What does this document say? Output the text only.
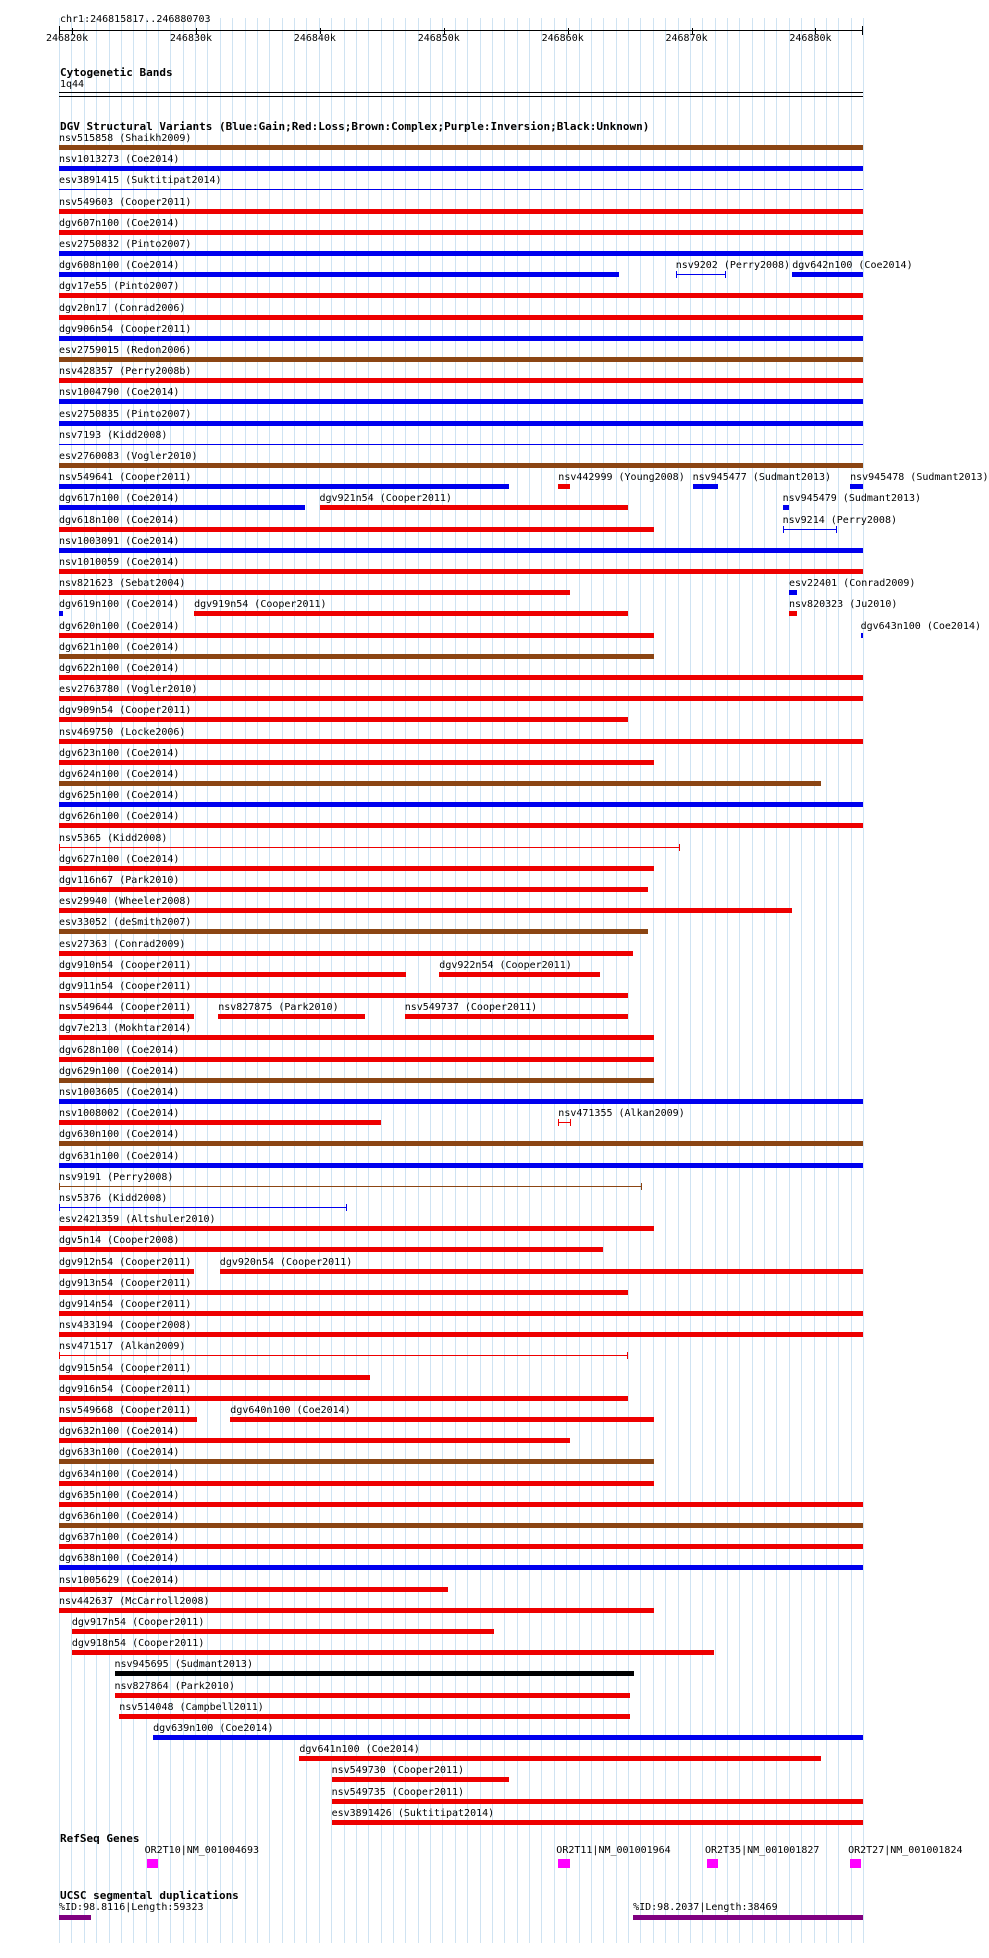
chr1:246815817..246880703
246820k	246830k	246840k	246850k	246860k	246870k	246880k
Cytogenetic Bands
1q44
DGV Structural Variants (Blue:Gain;Red:Loss;Brown:Complex;Purple:Inversion;Black:Unknown)
nsv515858 (Shaikh2009)
nsv1013273 (Coe2014)
esv3891415 (Suktitipat2014)
nsv549603 (Cooper2011)
dgv607n100 (Coe2014)
esv2750832 (Pinto2007)
dgv608n100 (Coe2014)	nsv9202 (Perry2008) dgv642n100 (Coe2014)
dgv17e55 (Pinto2007)
dgv20n17 (Conrad2006)
dgv906n54 (Cooper2011)
esv2759015 (Redon2006)
nsv428357 (Perry2008b)
nsv1004790 (Coe2014)
esv2750835 (Pinto2007)
nsv7193 (Kidd2008)
esv2760083 (Vogler2010)
nsv549641 (Cooper2011)	nsv442999 (Young2008) nsv945477 (Sudmant2013) nsv945478 (Sudmant2013)
dgv617n100 (Coe2014)	dgv921n54 (Cooper2011)	nsv945479 (Sudmant2013)
dgv618n100 (Coe2014)	nsv9214 (Perry2008)
nsv1003091 (Coe2014)
nsv1010059 (Coe2014)
nsv821623 (Sebat2004)	esv22401 (Conrad2009)
dgv619n100 (Coe2014) dgv919n54 (Cooper2011)	nsv820323 (Ju2010)
dgv620n100 (Coe2014)	dgv643n100 (Coe2014)
dgv621n100 (Coe2014)
dgv622n100 (Coe2014)
esv2763780 (Vogler2010)
dgv909n54 (Cooper2011)
nsv469750 (Locke2006)
dgv623n100 (Coe2014)
dgv624n100 (Coe2014)
dgv625n100 (Coe2014)
dgv626n100 (Coe2014)
nsv5365 (Kidd2008)
dgv627n100 (Coe2014)
dgv116n67 (Park2010)
esv29940 (Wheeler2008)
esv33052 (deSmith2007)
esv27363 (Conrad2009)
dgv910n54 (Cooper2011)	dgv922n54 (Cooper2011)
dgv911n54 (Cooper2011)
nsv549644 (Cooper2011)	nsv827875 (Park2010)	nsv549737 (Cooper2011)
dgv7e213 (Mokhtar2014)
dgv628n100 (Coe2014)
dgv629n100 (Coe2014)
nsv1003605 (Coe2014)
nsv1008002 (Coe2014)	nsv471355 (Alkan2009)
dgv630n100 (Coe2014)
dgv631n100 (Coe2014)
nsv9191 (Perry2008)
nsv5376 (Kidd2008)
esv2421359 (Altshuler2010)
dgv5n14 (Cooper2008)
dgv912n54 (Cooper2011)	dgv920n54 (Cooper2011)
dgv913n54 (Cooper2011)
dgv914n54 (Cooper2011)
nsv433194 (Cooper2008)
nsv471517 (Alkan2009)
dgv915n54 (Cooper2011)
dgv916n54 (Cooper2011)
nsv549668 (Cooper2011)	dgv640n100 (Coe2014)
dgv632n100 (Coe2014)
dgv633n100 (Coe2014)
dgv634n100 (Coe2014)
dgv635n100 (Coe2014)
dgv636n100 (Coe2014)
dgv637n100 (Coe2014)
dgv638n100 (Coe2014)
nsv1005629 (Coe2014)
nsv442637 (McCarroll2008)
dgv917n54 (Cooper2011)
dgv918n54 (Cooper2011)
nsv945695 (Sudmant2013)
nsv827864 (Park2010)
nsv514048 (Campbell2011)
dgv639n100 (Coe2014)
dgv641n100 (Coe2014)
nsv549730 (Cooper2011)
nsv549735 (Cooper2011)
esv3891426 (Suktitipat2014)
RefSeq Genes
OR2T10|NM_001004693	OR2T11|NM_001001964	OR2T35|NM_001001827	OR2T27|NM_001001824
UCSC segmental duplications
%ID:98.8116|Length:59323	%ID:98.2037|Length:38469
